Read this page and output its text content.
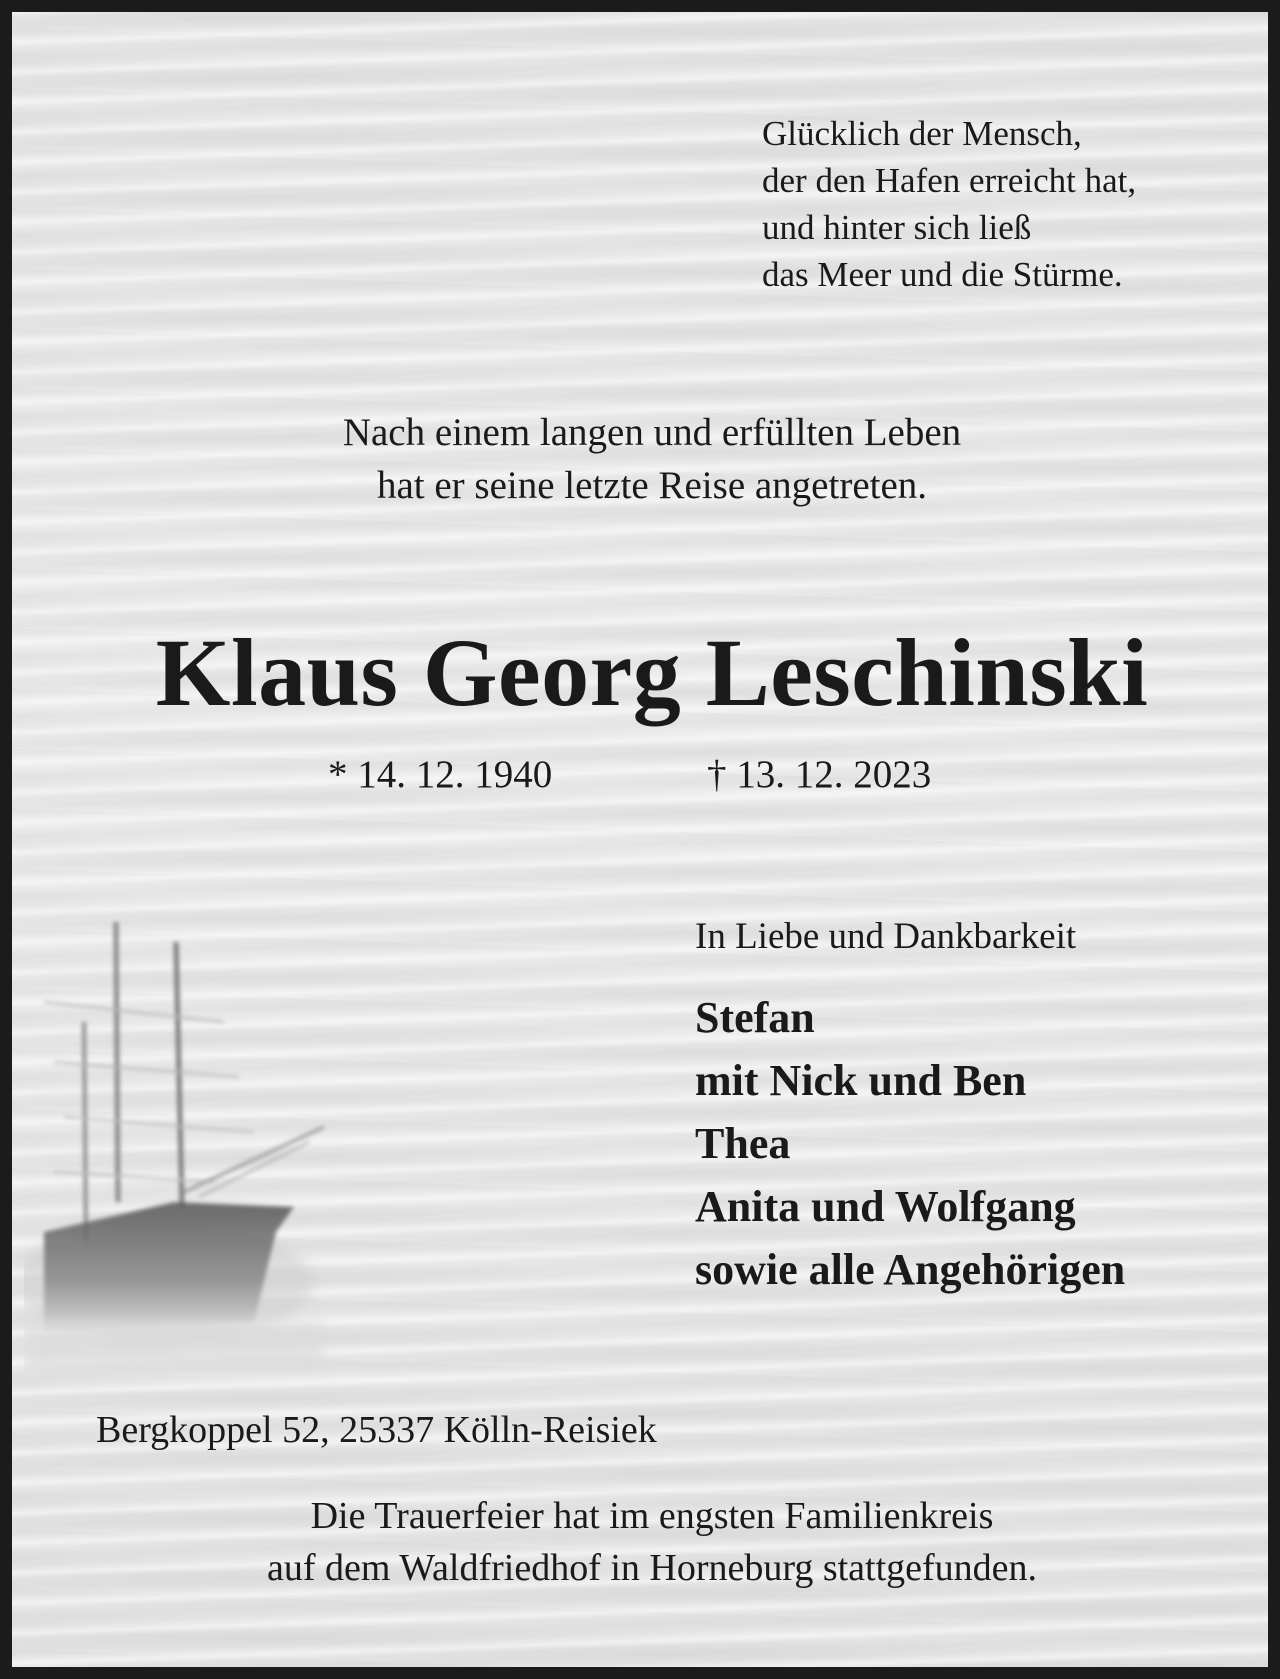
Glücklich der Mensch,
der den Hafen erreicht hat,
und hinter sich ließ
das Meer und die Stürme.
Nach einem langen und erfüllten Leben
hat er seine letzte Reise angetreten.
Klaus Georg Leschinski
* 14. 12. 1940	† 13. 12. 2023
In Liebe und Dankbarkeit
Stefan
mit Nick und Ben
Thea
Anita und Wolfgang
sowie alle Angehörigen
Bergkoppel 52, 25337 Kölln-Reisiek
Die Trauerfeier hat im engsten Familienkreis
auf dem Waldfriedhof in Horneburg stattgefunden.
